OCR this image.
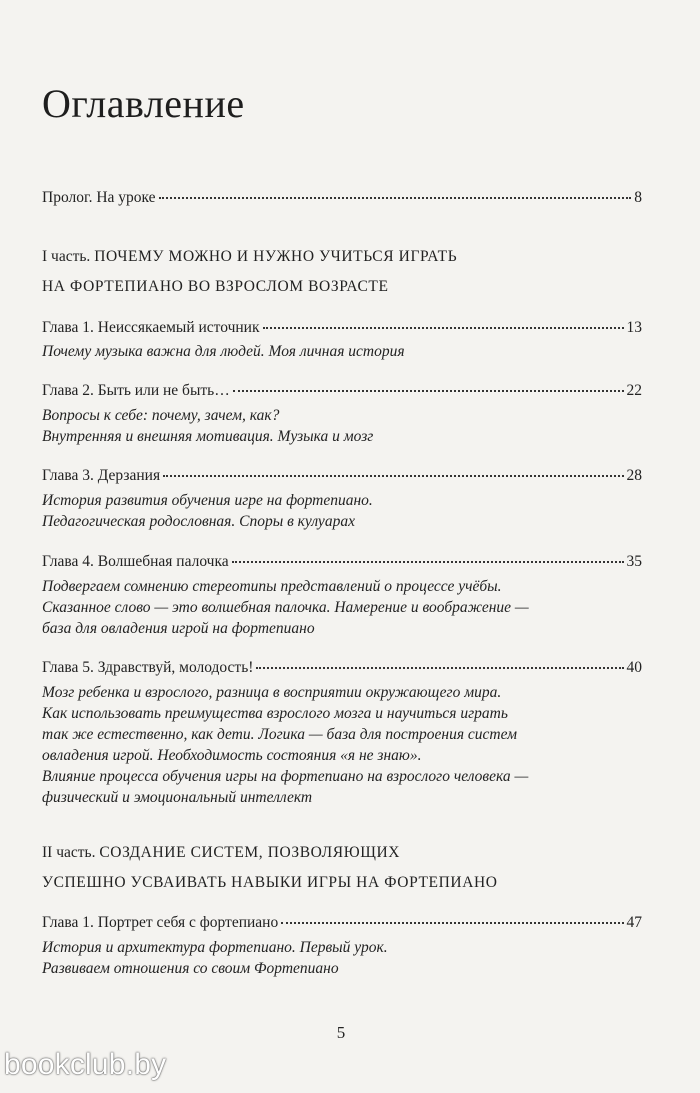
Оглавление
Пролог. На уроке	8
I часть. ПОЧЕМУ МОЖНО И НУЖНО УЧИТЬСЯ ИГРАТЬ
НА ФОРТЕПИАНО ВО ВЗРОСЛОМ ВОЗРАСТЕ
Глава 1. Неиссякаемый источник	13
Почему музыка важна для людей. Моя личная история
Глава 2. Быть или не быть…	22
Вопросы к себе: почему, зачем, как?
Внутренняя и внешняя мотивация. Музыка и мозг
Глава 3. Дерзания	28
История развития обучения игре на фортепиано.
Педагогическая родословная. Споры в кулуарах
Глава 4. Волшебная палочка	35
Подвергаем сомнению стереотипы представлений о процессе учёбы.
Сказанное слово — это волшебная палочка. Намерение и воображение —
база для овладения игрой на фортепиано
Глава 5. Здравствуй, молодость!	40
Мозг ребенка и взрослого, разница в восприятии окружающего мира.
Как использовать преимущества взрослого мозга и научиться играть
так же естественно, как дети. Логика — база для построения систем
овладения игрой. Необходимость состояния «я не знаю».
Влияние процесса обучения игры на фортепиано на взрослого человека —
физический и эмоциональный интеллект
II часть. СОЗДАНИЕ СИСТЕМ, ПОЗВОЛЯЮЩИХ
УСПЕШНО УСВАИВАТЬ НАВЫКИ ИГРЫ НА ФОРТЕПИАНО
Глава 1. Портрет себя с фортепиано	47
История и архитектура фортепиано. Первый урок.
Развиваем отношения со своим Фортепиано
5
bookclub.by
